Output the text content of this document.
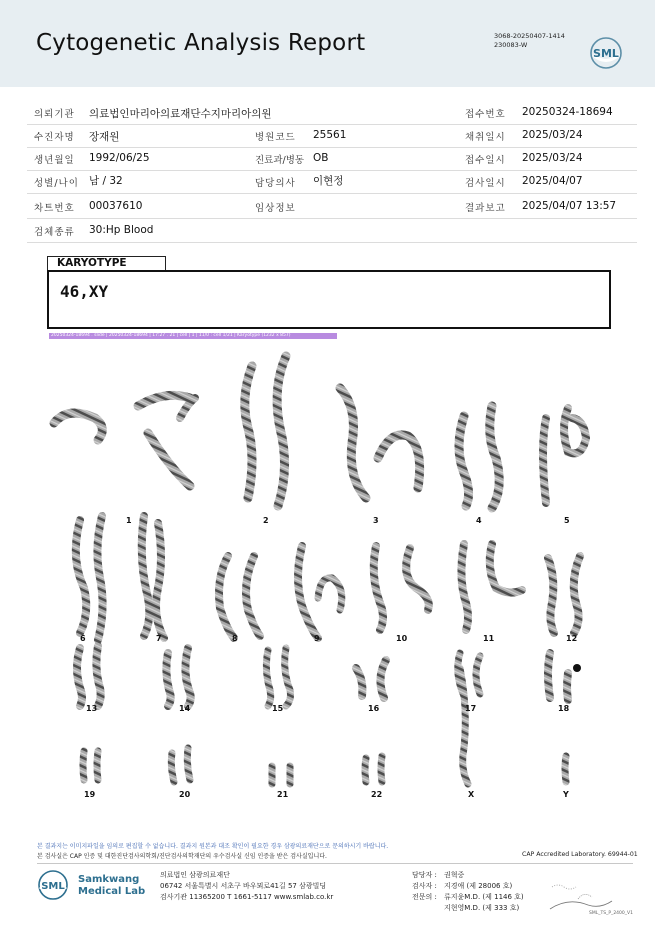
Cytogenetic Analysis Report	3068-20250407-1414
230083-W
SML
의뢰기관 의료법인마리아의료재단수지마리아의원	접수번호 20250324-18694
수진자명 장재원	병원코드 25561	채취일시 2025/03/24
생년월일 1992/06/25	진료과/병동 OB	접수일시 2025/03/24
성별/나이 남 / 32	담당의사 이현정	검사일시 2025/04/07
차트번호 00037610	임상정보	결과보고 2025/04/07 13:57
검체종류 30:Hp Blood
KARYOTYPE
46,XY
20250324-18694 . slide | 20250324-18694 | 17:27 . 21 | cell | 1 | 11/0 : cell 1/21 | Karyotype (1232 x 857)
1	2	3	4	5
6	7	8	9	10	11	12
13	14	15	16	17	18
19	20	21	22	X	Y
본 결과지는 이미지파일을 임의로 편집할 수 없습니다. 결과지 원본과 대조 확인이 필요한 경우 삼광의료재단으로 문의하시기 바랍니다.
본 검사실은 CAP 인증 및 대한진단검사의학회/진단검사의학재단의 우수검사실 신임 인증을 받은 검사실입니다.	CAP Accredited Laboratory. 69944-01
SML
Samkwang
Medical Lab
의료법인 삼광의료재단
06742 서울특별시 서초구 바우뫼로41길 57 삼광빌딩
검사기관 11365200 T 1661-5117 www.smlab.co.kr
담당자 : 권혁중
검사자 : 지경애 (제 28006 호)
전문의 : 류지윤M.D. (제 1146 호)
지현영M.D. (제 333 호)
SML_TS_P_2400_V1
